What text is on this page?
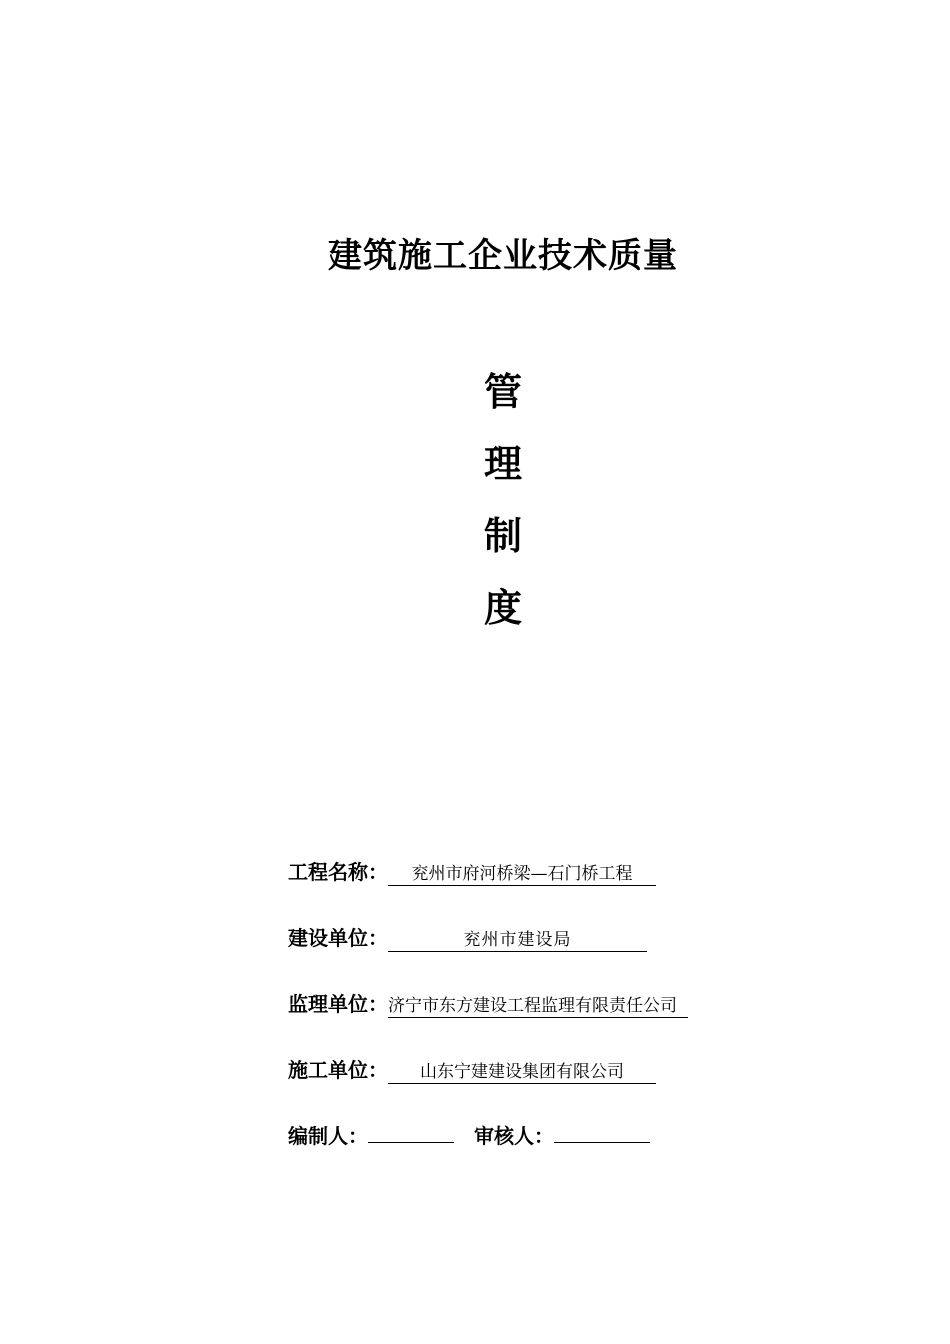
建筑施工企业技术质量
管
理
制
度
工程名称： 兖州市府河桥梁—石门桥工程
建设单位：	兖州市建设局
监理单位：济宁市东方建设工程监理有限责任公司
施工单位： 山东宁建建设集团有限公司
编制人：	审核人：
